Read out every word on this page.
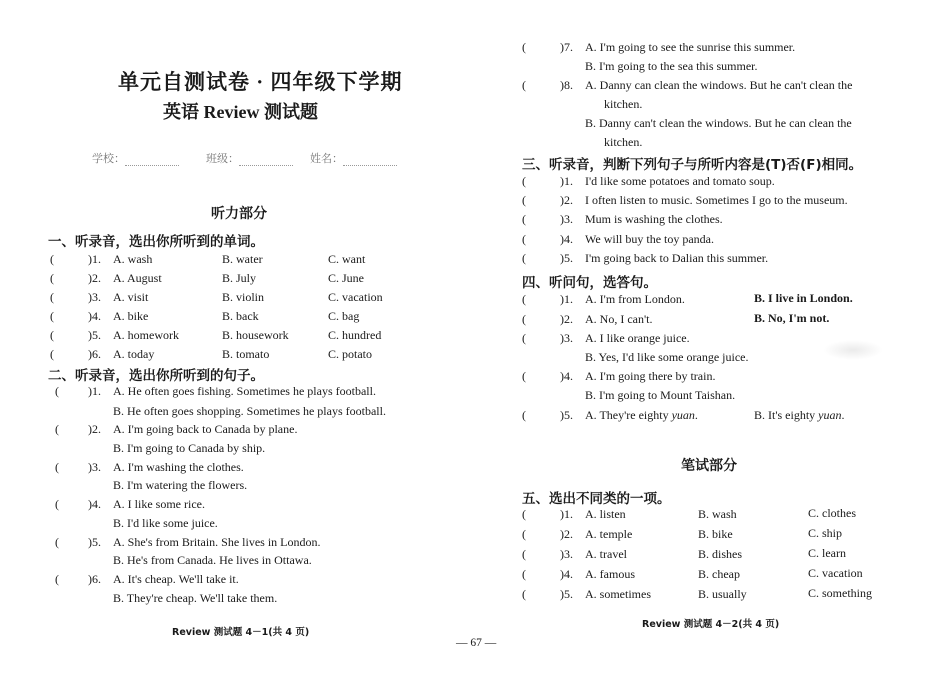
单元自测试卷 · 四年级下学期
英语 Review 测试题
学校：	班级：	姓名：
听力部分
一、听录音，选出你所听到的单词。
(	)1. A. wash	B. water	C. want
(	)2. A. August	B. July	C. June
(	)3. A. visit	B. violin	C. vacation
(	)4. A. bike	B. back	C. bag
(	)5. A. homework	B. housework	C. hundred
(	)6. A. today	B. tomato	C. potato
二、听录音，选出你所听到的句子。
( )1. A. He often goes fishing. Sometimes he plays football.
B. He often goes shopping. Sometimes he plays football.
( )2. A. I'm going back to Canada by plane.
B. I'm going to Canada by ship.
( )3. A. I'm washing the clothes.
B. I'm watering the flowers.
( )4. A. I like some rice.
B. I'd like some juice.
( )5. A. She's from Britain. She lives in London.
B. He's from Canada. He lives in Ottawa.
( )6. A. It's cheap. We'll take it.
B. They're cheap. We'll take them.
Review 测试题 4－1(共 4 页)
(	)7. A. I'm going to see the sunrise this summer.
B. I'm going to the sea this summer.
(	)8. A. Danny can clean the windows. But he can't clean the
kitchen.
B. Danny can't clean the windows. But he can clean the
kitchen.
三、听录音，判断下列句子与所听内容是(T)否(F)相同。
(	)1. I'd like some potatoes and tomato soup.
(	)2. I often listen to music. Sometimes I go to the museum.
(	)3. Mum is washing the clothes.
(	)4. We will buy the toy panda.
(	)5. I'm going back to Dalian this summer.
四、听问句，选答句。
(	)1. A. I'm from London.	B. I live in London.
(	)2. A. No, I can't.	B. No, I'm not.
(	)3. A. I like orange juice.
B. Yes, I'd like some orange juice.
(	)4. A. I'm going there by train.
B. I'm going to Mount Taishan.
(	)5. A. They're eighty yuan.	B. It's eighty yuan.
笔试部分
五、选出不同类的一项。
(	)1. A. listen	B. wash	C. clothes
(	)2. A. temple	B. bike	C. ship
(	)3. A. travel	B. dishes	C. learn
(	)4. A. famous	B. cheap	C. vacation
(	)5. A. sometimes	B. usually	C. something
Review 测试题 4－2(共 4 页)
— 67 —
